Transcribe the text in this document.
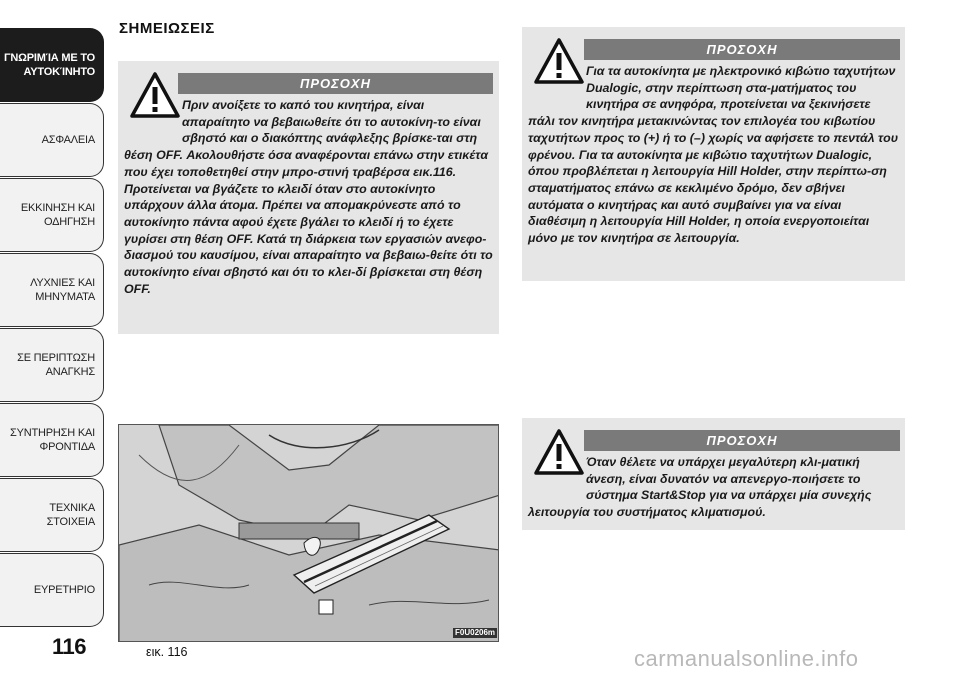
ΓΝΩΡΙΜΊΑ ΜΕ ΤΟ
ΑΥΤΟΚΊΝΗΤΟ
ΑΣΦΑΛΕΙΑ
ΕΚΚΙΝΗΣΗ ΚΑΙ
ΟΔΗΓΗΣΗ
ΛΥΧΝΙΕΣ ΚΑΙ
ΜΗΝΥΜΑΤΑ
ΣΕ ΠΕΡΙΠΤΩΣΗ
ΑΝΑΓΚΗΣ
ΣΥΝΤΗΡΗΣΗ ΚΑΙ
ΦΡΟΝΤΙΔΑ
ΤΕΧΝΙΚΑ ΣΤΟΙΧΕΙΑ
ΕΥΡΕΤΗΡΙΟ
116
ΣΗΜΕΙΩΣΕΙΣ
ΠΡΟΣΟΧΗ
Πριν ανοίξετε το καπό του κινητήρα, είναι απαραίτητο να βεβαιωθείτε ότι το αυτοκίνη-το είναι σβηστό και ο διακόπτης ανάφλεξης βρίσκε-ται στη θέση OFF. Ακολουθήστε όσα αναφέρονται επάνω στην ετικέτα που έχει τοποθετηθεί στην μπρο-στινή τραβέρσα εικ.116. Προτείνεται να βγάζετε το κλειδί όταν στο αυτοκίνητο υπάρχουν άλλα άτομα. Πρέπει να απομακρύνεστε από το αυτοκίνητο πάντα αφού έχετε βγάλει το κλειδί ή το έχετε γυρίσει στη θέση OFF. Κατά τη διάρκεια των εργασιών ανεφο-διασμού του καυσίμου, είναι απαραίτητο να βεβαιω-θείτε ότι το αυτοκίνητο είναι σβηστό και ότι το κλει-δί βρίσκεται στη θέση OFF.
ΠΡΟΣΟΧΗ
Για τα αυτοκίνητα με ηλεκτρονικό κιβώτιο ταχυτήτων Dualogic, στην περίπτωση στα-ματήματος του κινητήρα σε ανηφόρα, προτείνεται να ξεκινήσετε πάλι τον κινητήρα μετακινώντας τον επιλογέα του κιβωτίου ταχυτήτων προς το (+) ή το (–) χωρίς να αφήσετε το πεντάλ του φρένου. Για τα αυτοκίνητα με κιβώτιο ταχυτήτων Dualogic, όπου προβλέπεται η λειτουργία Hill Holder, στην περίπτω-ση σταματήματος επάνω σε κεκλιμένο δρόμο, δεν σβήνει αυτόματα ο κινητήρας και αυτό συμβαίνει για να είναι διαθέσιμη η λειτουργία Hill Holder, η οποία ενεργοποιείται μόνο με τον κινητήρα σε λειτουργία.
ΠΡΟΣΟΧΗ
Όταν θέλετε να υπάρχει μεγαλύτερη κλι-ματική άνεση, είναι δυνατόν να απενεργο-ποιήσετε το σύστημα Start&Stop για να υπάρχει μία συνεχής λειτουργία του συστήματος κλιματισμού.
F0U0206m
εικ. 116	carmanualsonline.info
